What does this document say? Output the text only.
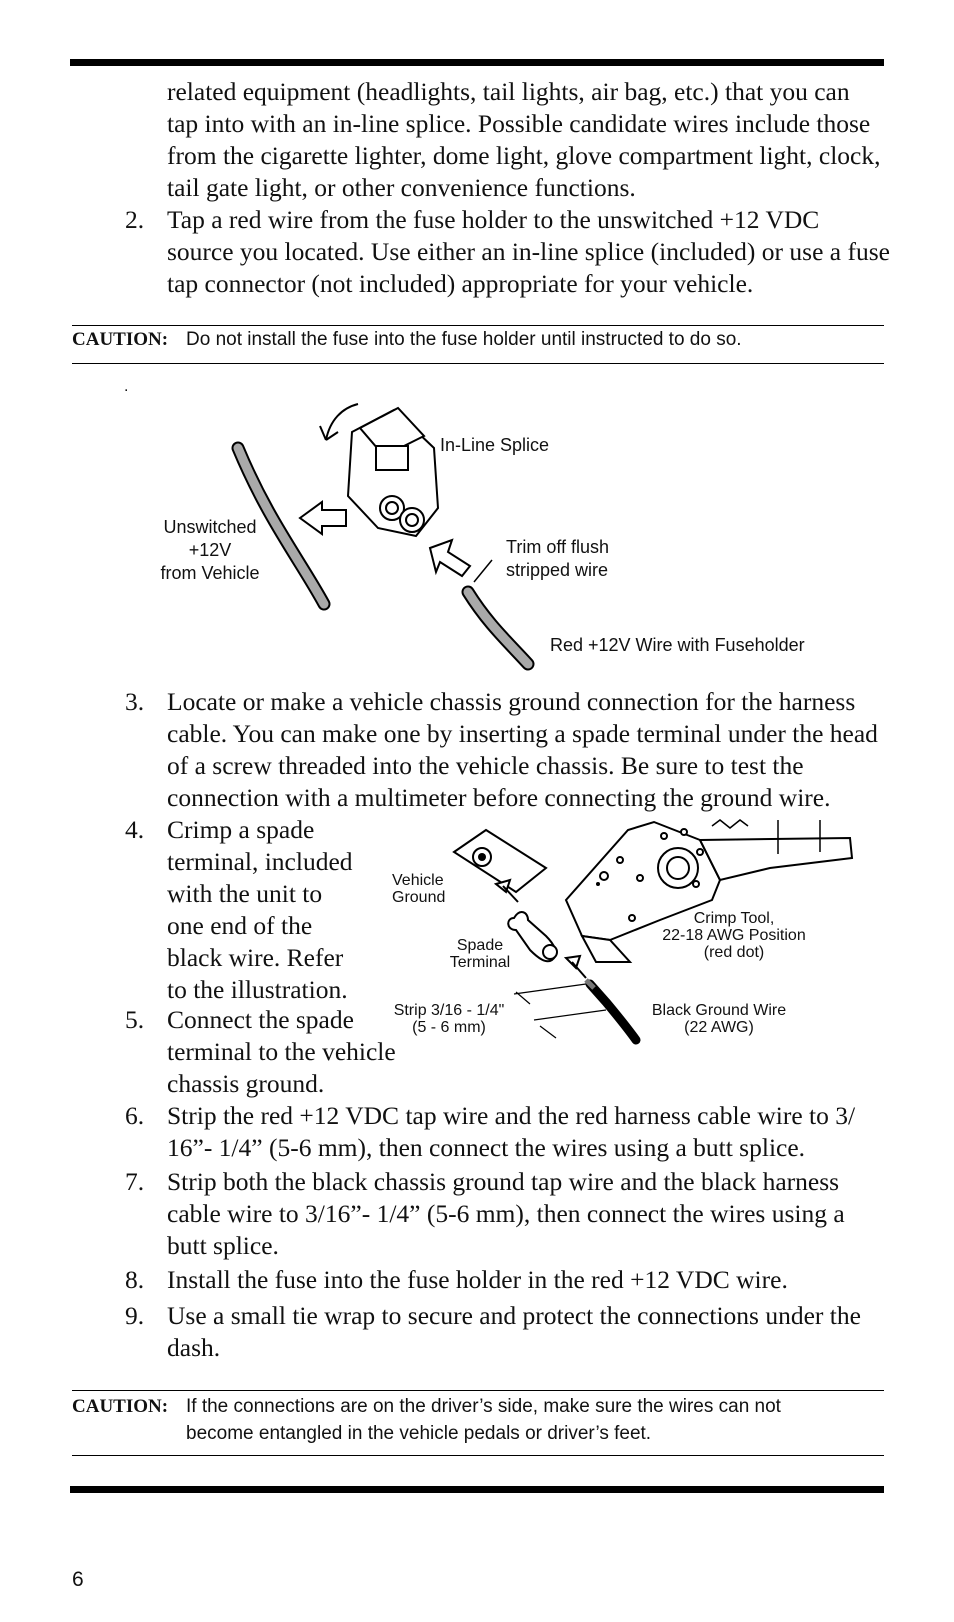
related equipment (headlights, tail lights, air bag, etc.) that you can tap into with an in-line splice. Possible candidate wires include those from the cigarette lighter, dome light, glove compartment light, clock, tail gate light, or other convenience functions.
2. Tap a red wire from the fuse holder to the unswitched +12 VDC source you located. Use either an in-line splice (included) or use a fuse tap connector (not included) appropriate for your vehicle.
CAUTION: Do not install the fuse into the fuse holder until instructed to do so.
.
In-Line Splice
Unswitched
+12V
from Vehicle
Trim off flush
stripped wire
Red +12V Wire with Fuseholder
3. Locate or make a vehicle chassis ground connection for the harness cable. You can make one by inserting a spade terminal under the head of a screw threaded into the vehicle chassis. Be sure to test the connection with a multimeter before connecting the ground wire.
4. Crimp a spade terminal, included with the unit to one end of the black wire. Refer to the illustration.
5. Connect the spade terminal to the vehicle chassis ground.
Vehicle
Ground
Spade
Terminal
Crimp Tool,
22-18 AWG Position
(red dot)
Strip 3/16 - 1/4"
(5 - 6 mm)
Black Ground Wire
(22 AWG)
6. Strip the red +12 VDC tap wire and the red harness cable wire to 3/ 16”- 1/4” (5-6 mm), then connect the wires using a butt splice.
7. Strip both the black chassis ground tap wire and the black harness cable wire to 3/16”- 1/4” (5-6 mm), then connect the wires using a butt splice.
8. Install the fuse into the fuse holder in the red +12 VDC wire.
9. Use a small tie wrap to secure and protect the connections under the dash.
CAUTION: If the connections are on the driver’s side, make sure the wires can not become entangled in the vehicle pedals or driver’s feet.
6
